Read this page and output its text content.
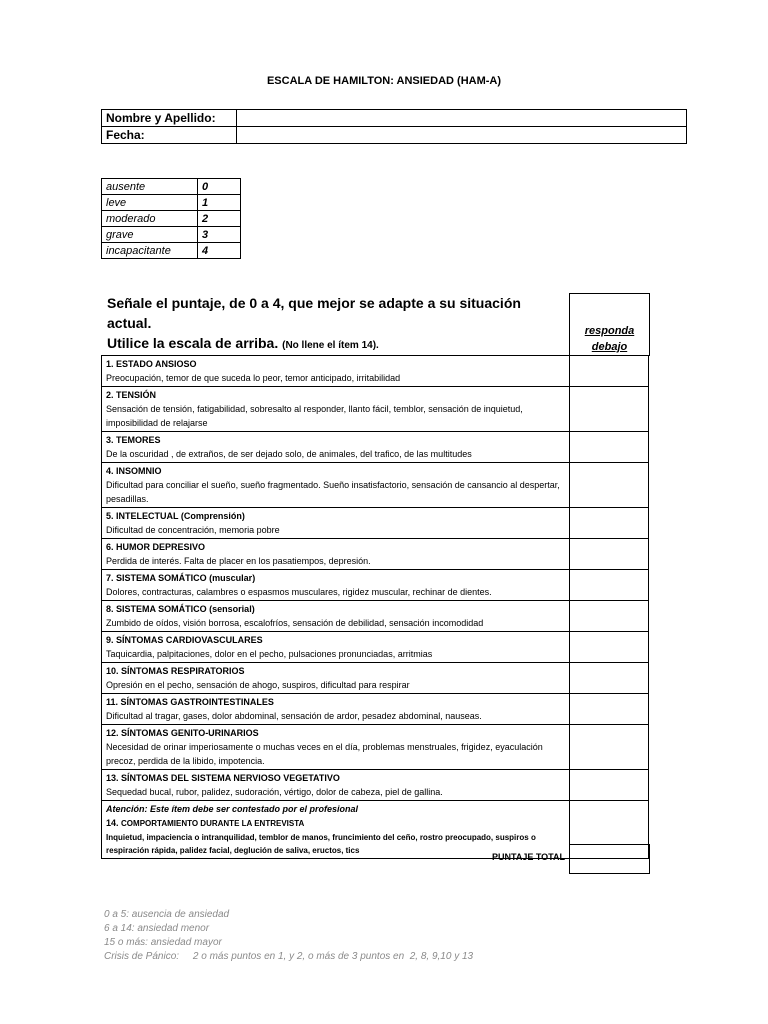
ESCALA DE HAMILTON: ANSIEDAD (HAM-A)
Nombre y Apellido:	
Fecha:	
ausente	0
leve	1
moderado	2
grave	3
incapacitante	4
Señale el puntaje, de 0 a 4, que mejor se adapte a su situación actual.
Utilice la escala de arriba. (No llene el ítem 14).
responda
debajo
1. ESTADO ANSIOSO
Preocupación, temor de que suceda lo peor, temor anticipado, irritabilidad	

2. TENSIÓN
Sensación de tensión, fatigabilidad, sobresalto al responder, llanto fácil, temblor, sensación de inquietud, imposibilidad de relajarse	

3. TEMORES
De la oscuridad , de extraños, de ser dejado solo, de animales, del trafico, de las multitudes	

4. INSOMNIO
Dificultad para conciliar el sueño, sueño fragmentado. Sueño insatisfactorio, sensación de cansancio al despertar, pesadillas.	

5. INTELECTUAL (Comprensión)
Dificultad de concentración, memoria pobre	

6. HUMOR DEPRESIVO
Perdida de interés. Falta de placer en los pasatiempos, depresión.	

7. SISTEMA SOMÁTICO (muscular)
Dolores, contracturas, calambres o espasmos musculares, rigidez muscular, rechinar de dientes.	

8. SISTEMA SOMÁTICO (sensorial)
Zumbido de oídos, visión borrosa, escalofríos, sensación de debilidad, sensación incomodidad	

9. SÍNTOMAS CARDIOVASCULARES
Taquicardia, palpitaciones, dolor en el pecho, pulsaciones pronunciadas, arritmias	

10. SÍNTOMAS RESPIRATORIOS
Opresión en el pecho, sensación de ahogo, suspiros, dificultad para respirar	

11. SÍNTOMAS GASTROINTESTINALES
Dificultad al tragar, gases, dolor abdominal, sensación de ardor, pesadez abdominal, nauseas.	

12. SÍNTOMAS GENITO-URINARIOS
Necesidad de orinar imperiosamente o muchas veces en el día, problemas menstruales, frigidez, eyaculación precoz, perdida de la libido, impotencia.	

13. SÍNTOMAS DEL SISTEMA NERVIOSO VEGETATIVO
Sequedad bucal, rubor, palidez, sudoración, vértigo, dolor de cabeza, piel de gallina.	

Atención: Este ítem debe ser contestado por el profesional
14. COMPORTAMIENTO DURANTE LA ENTREVISTA
Inquietud, impaciencia o intranquilidad, temblor de manos, fruncimiento del ceño, rostro preocupado, suspiros o respiración rápida, palidez facial, deglución de saliva, eructos, tics	

PUNTAJE TOTAL
0 a 5: ausencia de ansiedad
6 a 14: ansiedad menor
15 o más: ansiedad mayor
Crisis de Pánico:     2 o más puntos en 1, y 2, o más de 3 puntos en  2, 8, 9,10 y 13
